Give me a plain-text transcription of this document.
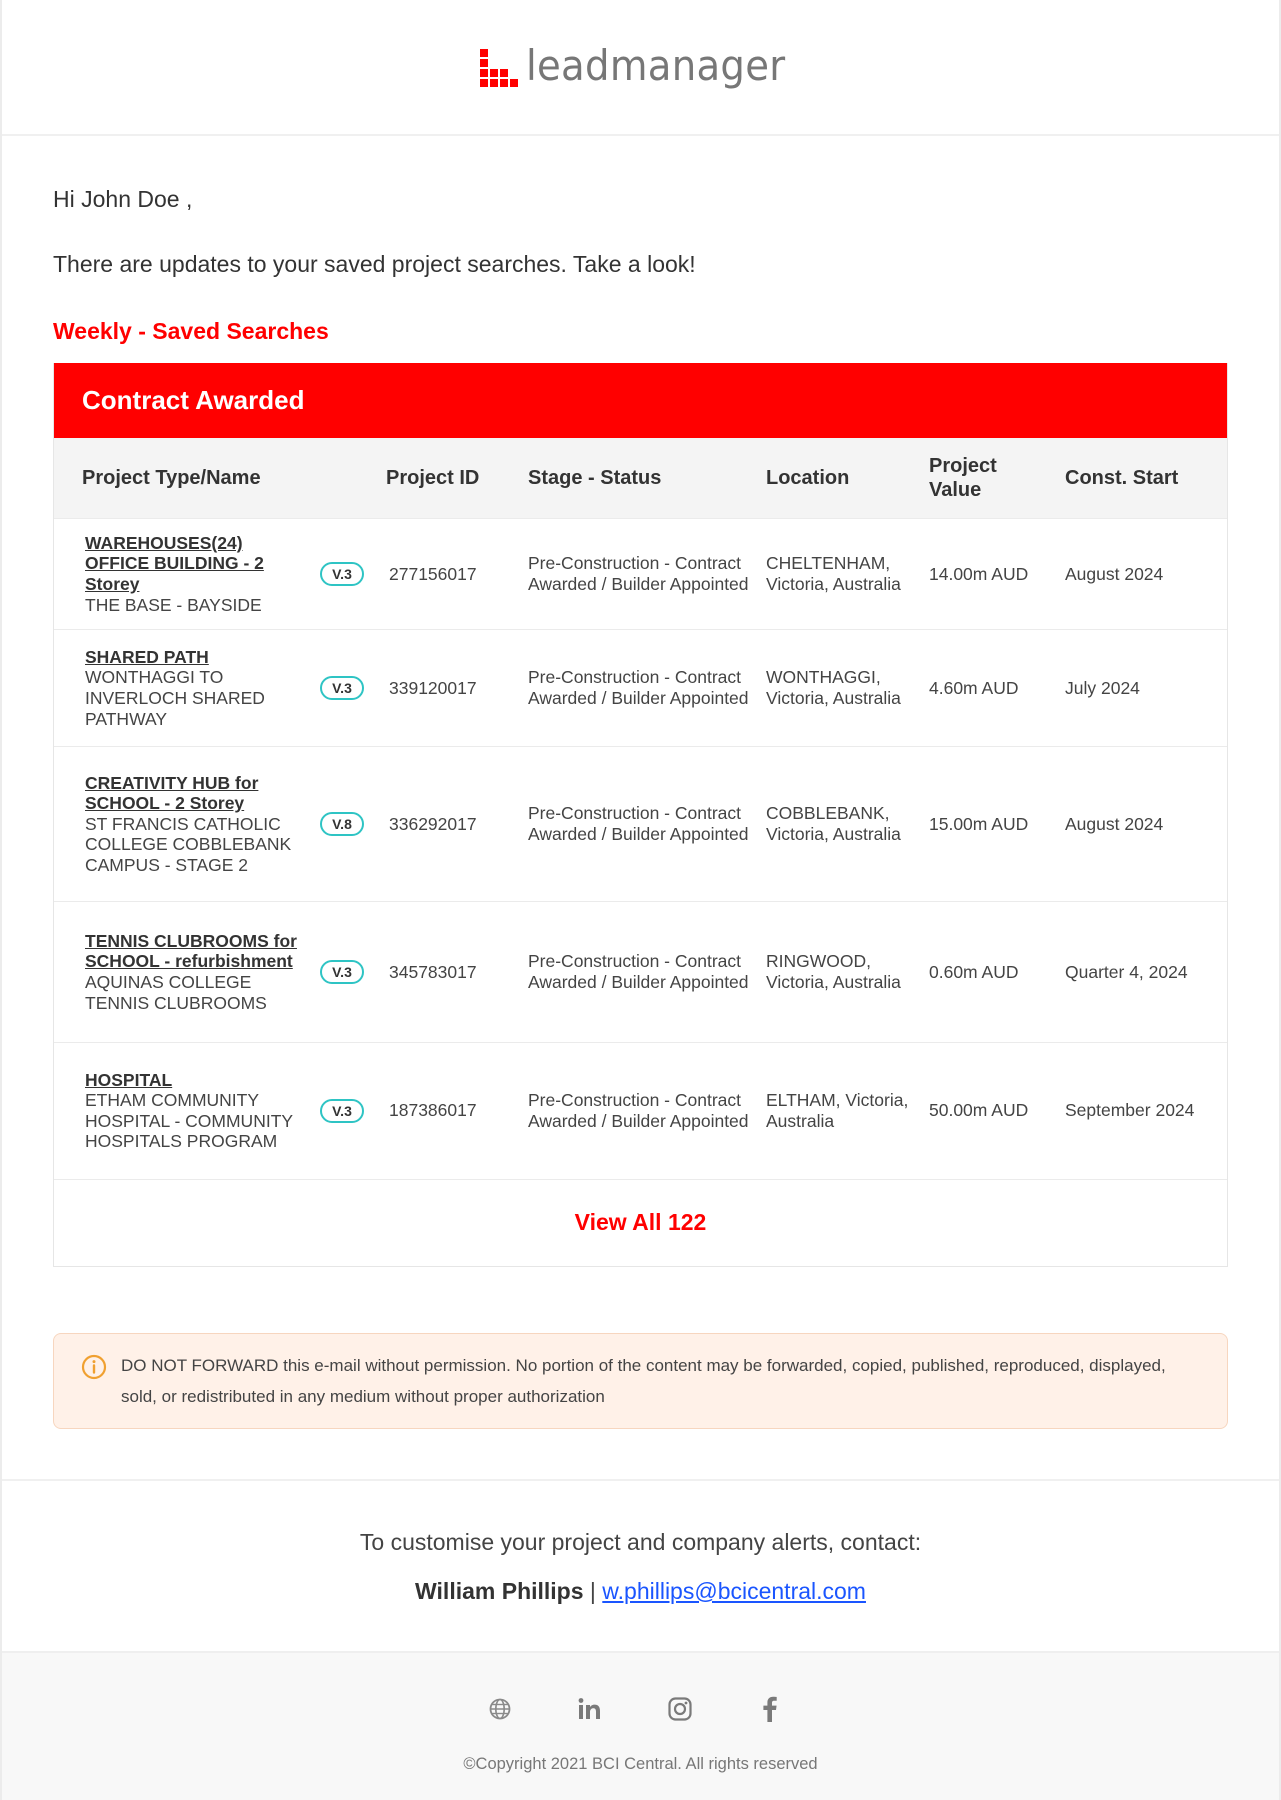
leadmanager
Hi John Doe ,
There are updates to your saved project searches. Take a look!
Weekly - Saved Searches
Contract Awarded
Project Type/Name		Project ID	Stage - Status	Location	Project Value	Const. Start
WAREHOUSES(24) OFFICE BUILDING - 2 Storey
THE BASE - BAYSIDE	V.3	277156017	Pre-Construction - Contract Awarded / Builder Appointed	CHELTENHAM, Victoria, Australia	14.00m AUD	August 2024
SHARED PATH
WONTHAGGI TO INVERLOCH SHARED PATHWAY	V.3	339120017	Pre-Construction - Contract Awarded / Builder Appointed	WONTHAGGI, Victoria, Australia	4.60m AUD	July 2024
CREATIVITY HUB for SCHOOL - 2 Storey
ST FRANCIS CATHOLIC COLLEGE COBBLEBANK CAMPUS - STAGE 2	V.8	336292017	Pre-Construction - Contract Awarded / Builder Appointed	COBBLEBANK, Victoria, Australia	15.00m AUD	August 2024
TENNIS CLUBROOMS for SCHOOL - refurbishment
AQUINAS COLLEGE TENNIS CLUBROOMS	V.3	345783017	Pre-Construction - Contract Awarded / Builder Appointed	RINGWOOD, Victoria, Australia	0.60m AUD	Quarter 4, 2024
HOSPITAL
ETHAM COMMUNITY HOSPITAL - COMMUNITY HOSPITALS PROGRAM	V.3	187386017	Pre-Construction - Contract Awarded / Builder Appointed	ELTHAM, Victoria, Australia	50.00m AUD	September 2024
View All 122
DO NOT FORWARD this e-mail without permission. No portion of the content may be forwarded, copied, published, reproduced, displayed, sold, or redistributed in any medium without proper authorization
To customise your project and company alerts, contact:
William Phillips | w.phillips@bcicentral.com
©Copyright 2021 BCI Central. All rights reserved
